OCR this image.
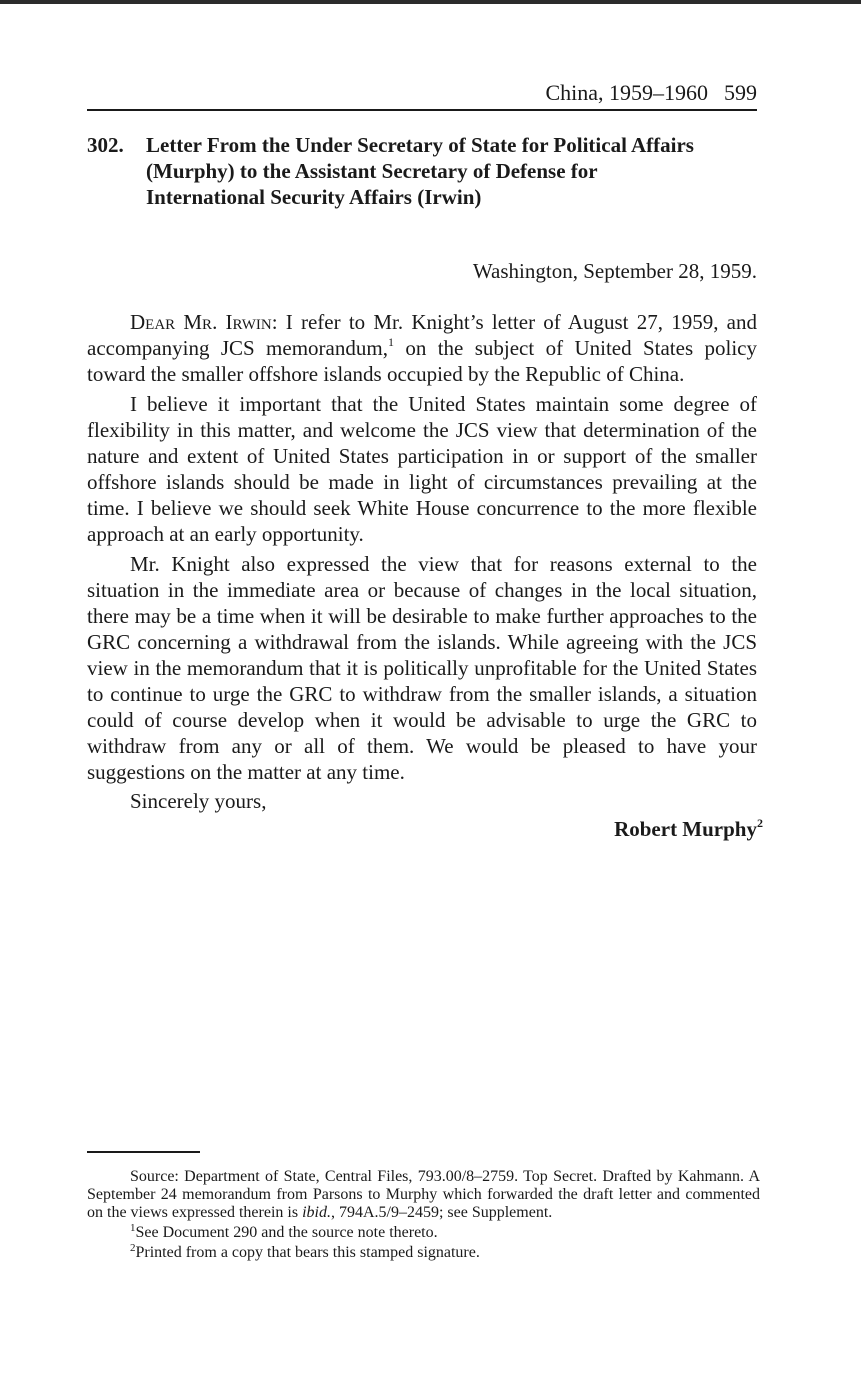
China, 1959–1960 599
302. Letter From the Under Secretary of State for Political Affairs
(Murphy) to the Assistant Secretary of Defense for
International Security Affairs (Irwin)
Washington, September 28, 1959.

Dear Mr. Irwin: I refer to Mr. Knight’s letter of August 27, 1959, and accompanying JCS memorandum,$^1$ on the subject of United States policy toward the smaller offshore islands occupied by the Republic of China.

I believe it important that the United States maintain some degree of flexibility in this matter, and welcome the JCS view that determination of the nature and extent of United States participation in or support of the smaller offshore islands should be made in light of circumstances prevailing at the time. I believe we should seek White House concurrence to the more flexible approach at an early opportunity.

Mr. Knight also expressed the view that for reasons external to the situation in the immediate area or because of changes in the local situation, there may be a time when it will be desirable to make further approaches to the GRC concerning a withdrawal from the islands. While agreeing with the JCS view in the memorandum that it is politically unprofitable for the United States to continue to urge the GRC to withdraw from the smaller islands, a situation could of course develop when it would be advisable to urge the GRC to withdraw from any or all of them. We would be pleased to have your suggestions on the matter at any time.

Sincerely yours,
Robert Murphy$^2$

Source: Department of State, Central Files, 793.00/8–2759. Top Secret. Drafted by Kahmann. A September 24 memorandum from Parsons to Murphy which forwarded the draft letter and commented on the views expressed therein is ibid., 794A.5/9–2459; see Supplement.

$^1$See Document 290 and the source note thereto.

$^2$Printed from a copy that bears this stamped signature.
